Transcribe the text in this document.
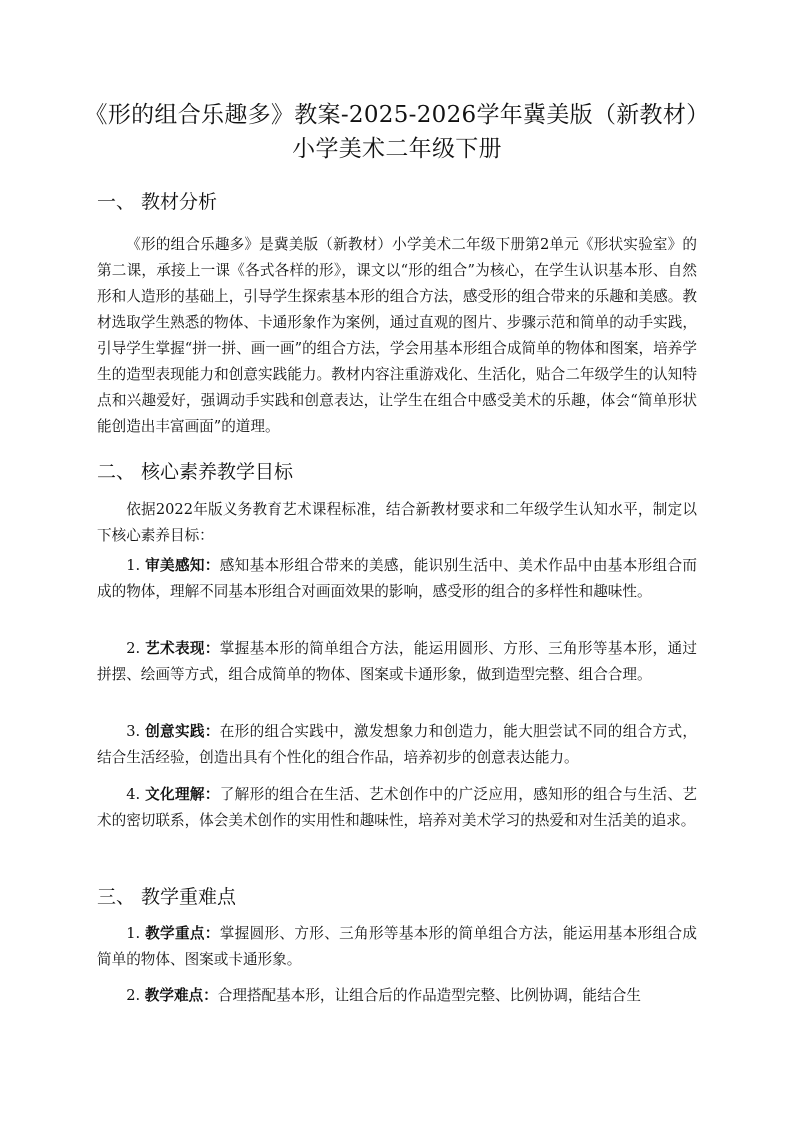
《形的组合乐趣多》教案-2025-2026学年冀美版（新教材）
小学美术二年级下册
一、 教材分析

《形的组合乐趣多》是冀美版（新教材）小学美术二年级下册第2单元《形状实验室》的第二课，承接上一课《各式各样的形》，课文以“形的组合”为核心，在学生认识基本形、自然形和人造形的基础上，引导学生探索基本形的组合方法，感受形的组合带来的乐趣和美感。教材选取学生熟悉的物体、卡通形象作为案例，通过直观的图片、步骤示范和简单的动手实践，引导学生掌握“拼一拼、画一画”的组合方法，学会用基本形组合成简单的物体和图案，培养学生的造型表现能力和创意实践能力。教材内容注重游戏化、生活化，贴合二年级学生的认知特点和兴趣爱好，强调动手实践和创意表达，让学生在组合中感受美术的乐趣，体会“简单形状能创造出丰富画面”的道理。

二、 核心素养教学目标

依据2022年版义务教育艺术课程标准，结合新教材要求和二年级学生认知水平，制定以下核心素养目标：

1. 审美感知：感知基本形组合带来的美感，能识别生活中、美术作品中由基本形组合而成的物体，理解不同基本形组合对画面效果的影响，感受形的组合的多样性和趣味性。

2. 艺术表现：掌握基本形的简单组合方法，能运用圆形、方形、三角形等基本形，通过拼摆、绘画等方式，组合成简单的物体、图案或卡通形象，做到造型完整、组合合理。

3. 创意实践：在形的组合实践中，激发想象力和创造力，能大胆尝试不同的组合方式，结合生活经验，创造出具有个性化的组合作品，培养初步的创意表达能力。

4. 文化理解：了解形的组合在生活、艺术创作中的广泛应用，感知形的组合与生活、艺术的密切联系，体会美术创作的实用性和趣味性，培养对美术学习的热爱和对生活美的追求。

三、 教学重难点

1. 教学重点：掌握圆形、方形、三角形等基本形的简单组合方法，能运用基本形组合成简单的物体、图案或卡通形象。

2. 教学难点：合理搭配基本形，让组合后的作品造型完整、比例协调，能结合生
